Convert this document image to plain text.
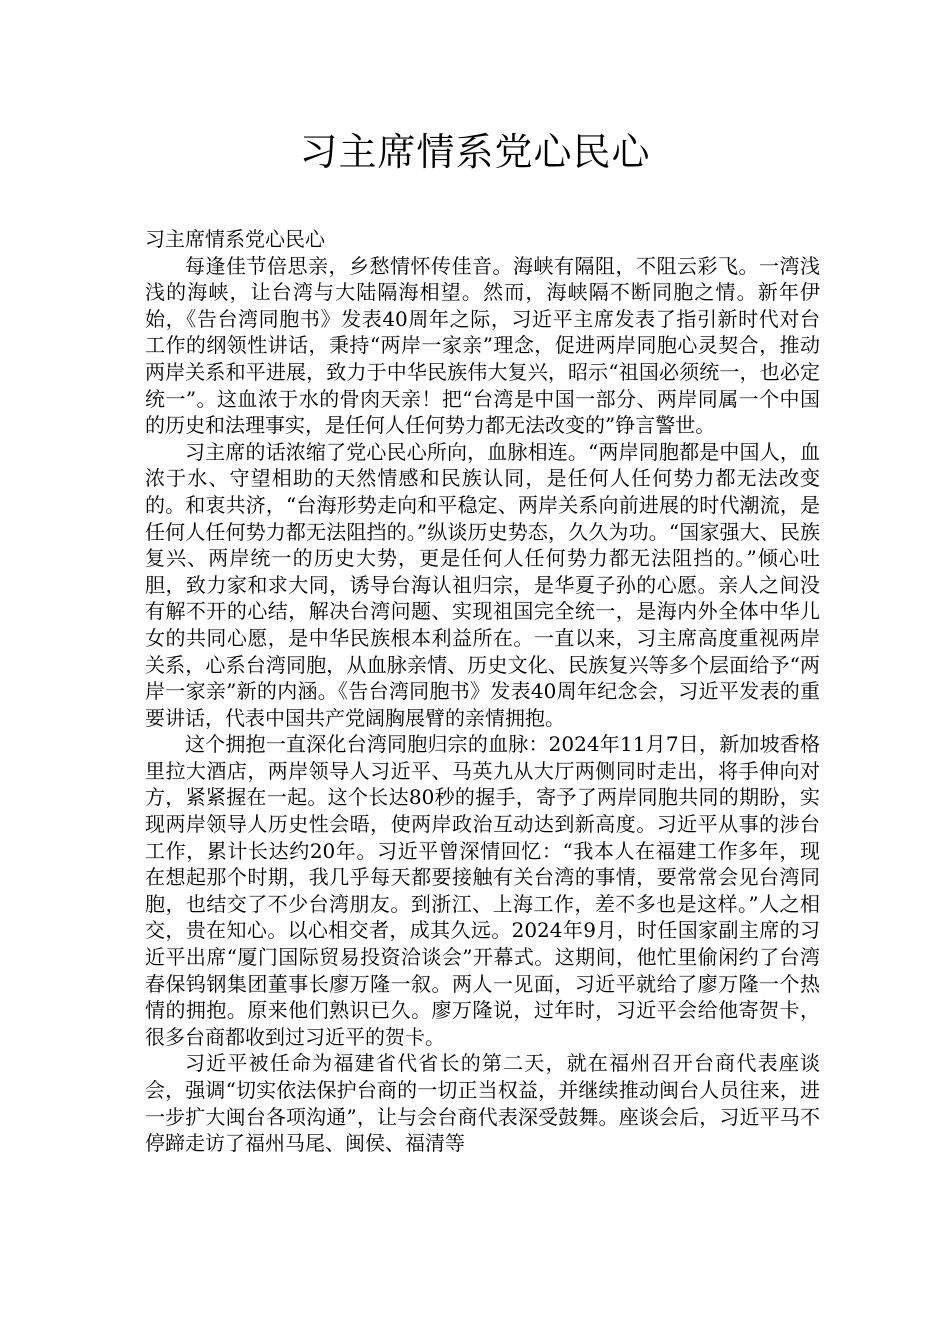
习主席情系党心民心

习主席情系党心民心

每逢佳节倍思亲，乡愁情怀传佳音。海峡有隔阻，不阻云彩飞。一湾浅浅的海峡，让台湾与大陆隔海相望。然而，海峡隔不断同胞之情。新年伊始，《告台湾同胞书》发表40周年之际，习近平主席发表了指引新时代对台工作的纲领性讲话，秉持“两岸一家亲”理念，促进两岸同胞心灵契合，推动两岸关系和平进展，致力于中华民族伟大复兴，昭示“祖国必须统一，也必定统一”。这血浓于水的骨肉天亲！把“台湾是中国一部分、两岸同属一个中国的历史和法理事实，是任何人任何势力都无法改变的”铮言警世。

习主席的话浓缩了党心民心所向，血脉相连。“两岸同胞都是中国人，血浓于水、守望相助的天然情感和民族认同，是任何人任何势力都无法改变的。和衷共济，“台海形势走向和平稳定、两岸关系向前进展的时代潮流，是任何人任何势力都无法阻挡的。”纵谈历史势态，久久为功。“国家强大、民族复兴、两岸统一的历史大势，更是任何人任何势力都无法阻挡的。”倾心吐胆，致力家和求大同，诱导台海认祖归宗，是华夏子孙的心愿。亲人之间没有解不开的心结，解决台湾问题、实现祖国完全统一，是海内外全体中华儿女的共同心愿，是中华民族根本利益所在。一直以来，习主席高度重视两岸关系，心系台湾同胞，从血脉亲情、历史文化、民族复兴等多个层面给予“两岸一家亲”新的内涵。《告台湾同胞书》发表40周年纪念会，习近平发表的重要讲话，代表中国共产党阔胸展臂的亲情拥抱。

这个拥抱一直深化台湾同胞归宗的血脉：2024年11月7日，新加坡香格里拉大酒店，两岸领导人习近平、马英九从大厅两侧同时走出，将手伸向对方，紧紧握在一起。这个长达80秒的握手，寄予了两岸同胞共同的期盼，实现两岸领导人历史性会晤，使两岸政治互动达到新高度。习近平从事的涉台工作，累计长达约20年。习近平曾深情回忆：“我本人在福建工作多年，现在想起那个时期，我几乎每天都要接触有关台湾的事情，要常常会见台湾同胞，也结交了不少台湾朋友。到浙江、上海工作，差不多也是这样。”人之相交，贵在知心。以心相交者，成其久远。2024年9月，时任国家副主席的习近平出席“厦门国际贸易投资洽谈会”开幕式。这期间，他忙里偷闲约了台湾春保钨钢集团董事长廖万隆一叙。两人一见面，习近平就给了廖万隆一个热情的拥抱。原来他们熟识已久。廖万隆说，过年时，习近平会给他寄贺卡，很多台商都收到过习近平的贺卡。

习近平被任命为福建省代省长的第二天，就在福州召开台商代表座谈会，强调“切实依法保护台商的一切正当权益，并继续推动闽台人员往来，进一步扩大闽台各项沟通”，让与会台商代表深受鼓舞。座谈会后，习近平马不停蹄走访了福州马尾、闽侯、福清等
